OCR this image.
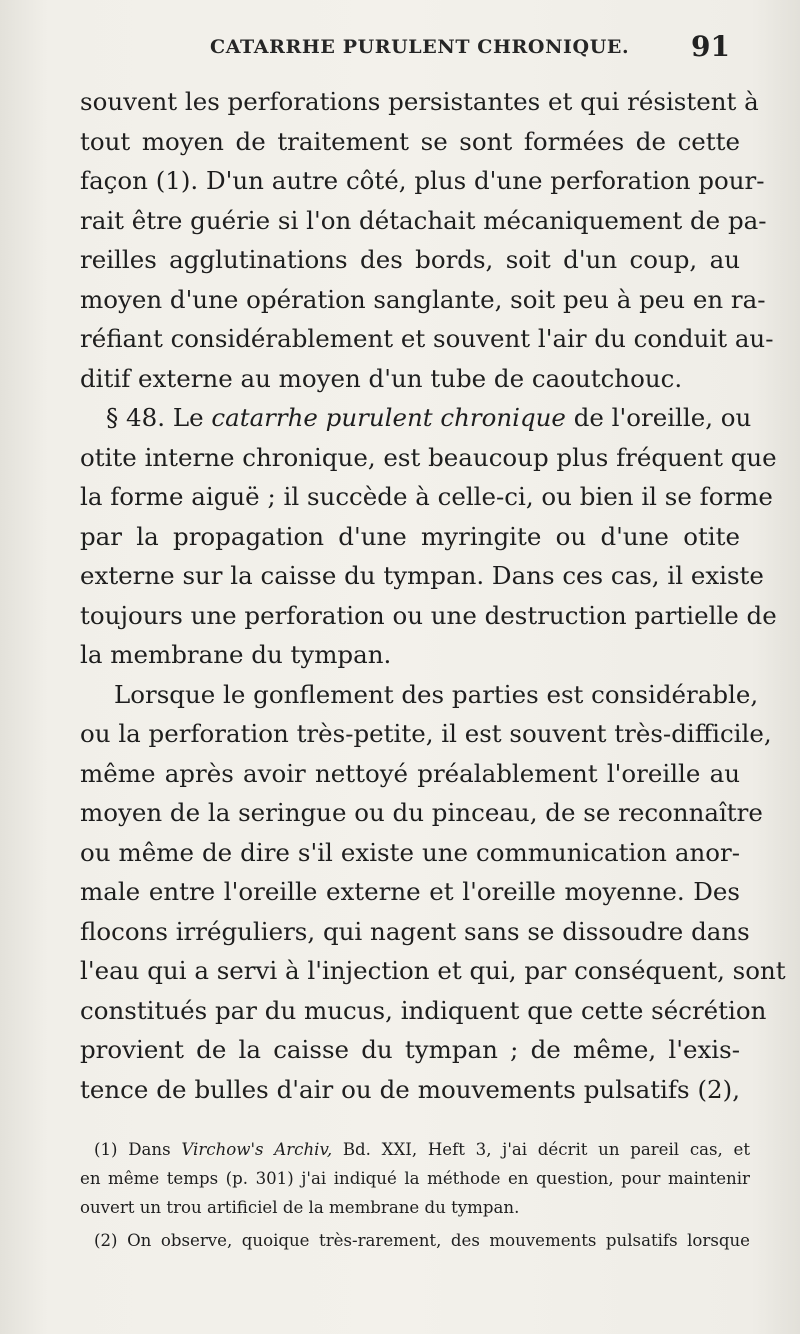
CATARRHE PURULENT CHRONIQUE. 91
souvent les perforations persistantes et qui résistent à
tout moyen de traitement se sont formées de cette
façon (1). D'un autre côté, plus d'une perforation pour-
rait être guérie si l'on détachait mécaniquement de pa-
reilles agglutinations des bords, soit d'un coup, au
moyen d'une opération sanglante, soit peu à peu en ra-
réfiant considérablement et souvent l'air du conduit au-
ditif externe au moyen d'un tube de caoutchouc.
§ 48. Le catarrhe purulent chronique de l'oreille, ou
otite interne chronique, est beaucoup plus fréquent que
la forme aiguë ; il succède à celle-ci, ou bien il se forme
par la propagation d'une myringite ou d'une otite
externe sur la caisse du tympan. Dans ces cas, il existe
toujours une perforation ou une destruction partielle de
la membrane du tympan.
Lorsque le gonflement des parties est considérable,
ou la perforation très-petite, il est souvent très-difficile,
même après avoir nettoyé préalablement l'oreille au
moyen de la seringue ou du pinceau, de se reconnaître
ou même de dire s'il existe une communication anor-
male entre l'oreille externe et l'oreille moyenne. Des
flocons irréguliers, qui nagent sans se dissoudre dans
l'eau qui a servi à l'injection et qui, par conséquent, sont
constitués par du mucus, indiquent que cette sécrétion
provient de la caisse du tympan ; de même, l'exis-
tence de bulles d'air ou de mouvements pulsatifs (2),
(1) Dans Virchow's Archiv, Bd. XXI, Heft 3, j'ai décrit un pareil cas, et
en même temps (p. 301) j'ai indiqué la méthode en question, pour maintenir
ouvert un trou artificiel de la membrane du tympan.
(2) On observe, quoique très-rarement, des mouvements pulsatifs lorsque
